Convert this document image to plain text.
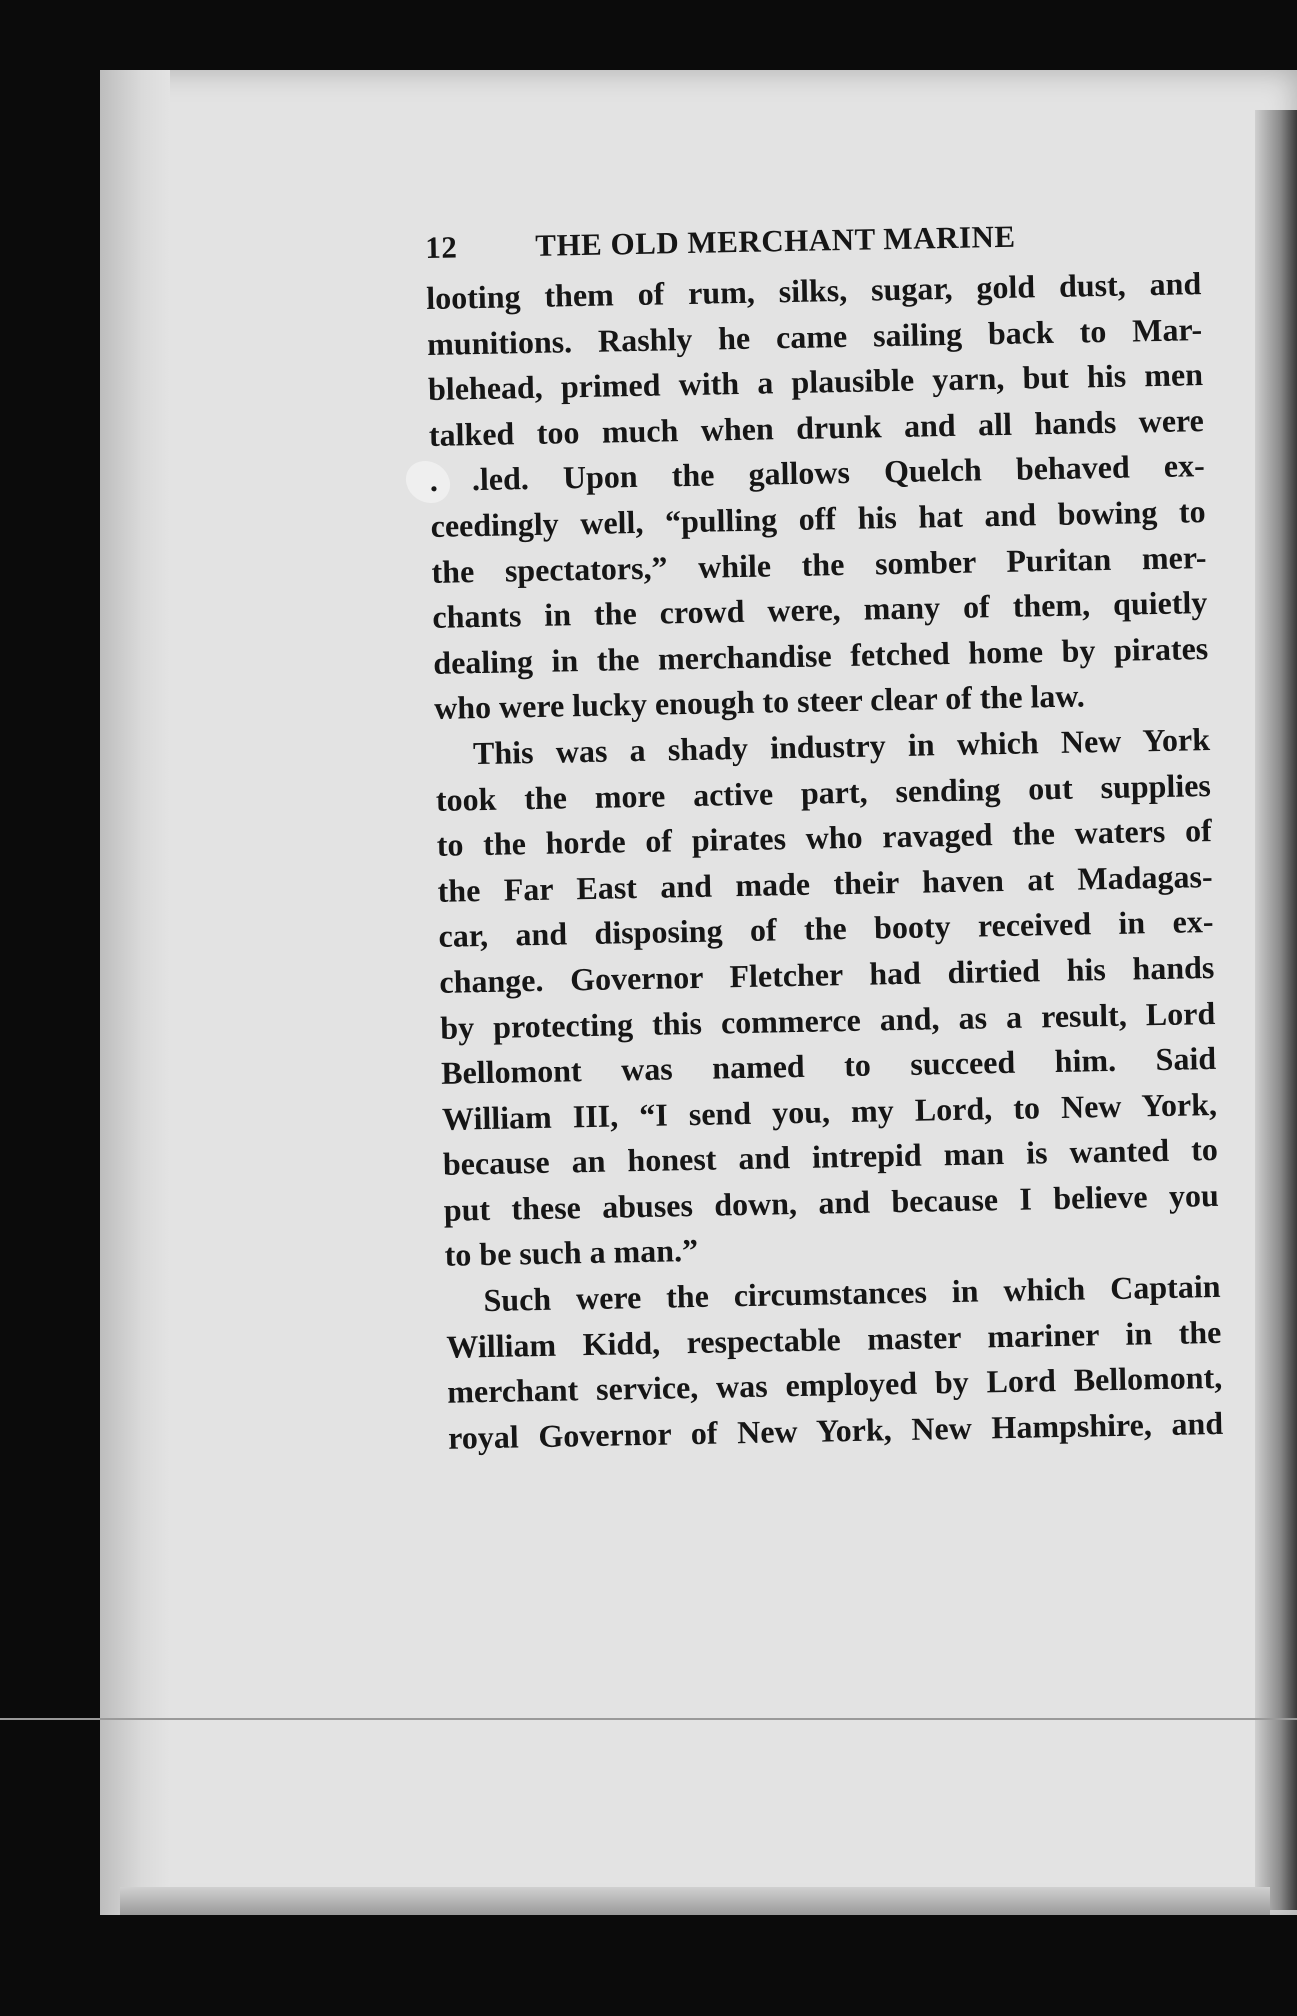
12	THE OLD MERCHANT MARINE
looting them of rum, silks, sugar, gold dust, and
munitions. Rashly he came sailing back to Mar-
blehead, primed with a plausible yarn, but his men
talked too much when drunk and all hands were
. .led. Upon the gallows Quelch behaved ex-
ceedingly well, “pulling off his hat and bowing to
the spectators,” while the somber Puritan mer-
chants in the crowd were, many of them, quietly
dealing in the merchandise fetched home by pirates
who were lucky enough to steer clear of the law.
This was a shady industry in which New York
took the more active part, sending out supplies
to the horde of pirates who ravaged the waters of
the Far East and made their haven at Madagas-
car, and disposing of the booty received in ex-
change. Governor Fletcher had dirtied his hands
by protecting this commerce and, as a result, Lord
Bellomont was named to succeed him. Said
William III, “I send you, my Lord, to New York,
because an honest and intrepid man is wanted to
put these abuses down, and because I believe you
to be such a man.”
Such were the circumstances in which Captain
William Kidd, respectable master mariner in the
merchant service, was employed by Lord Bellomont,
royal Governor of New York, New Hampshire, and
